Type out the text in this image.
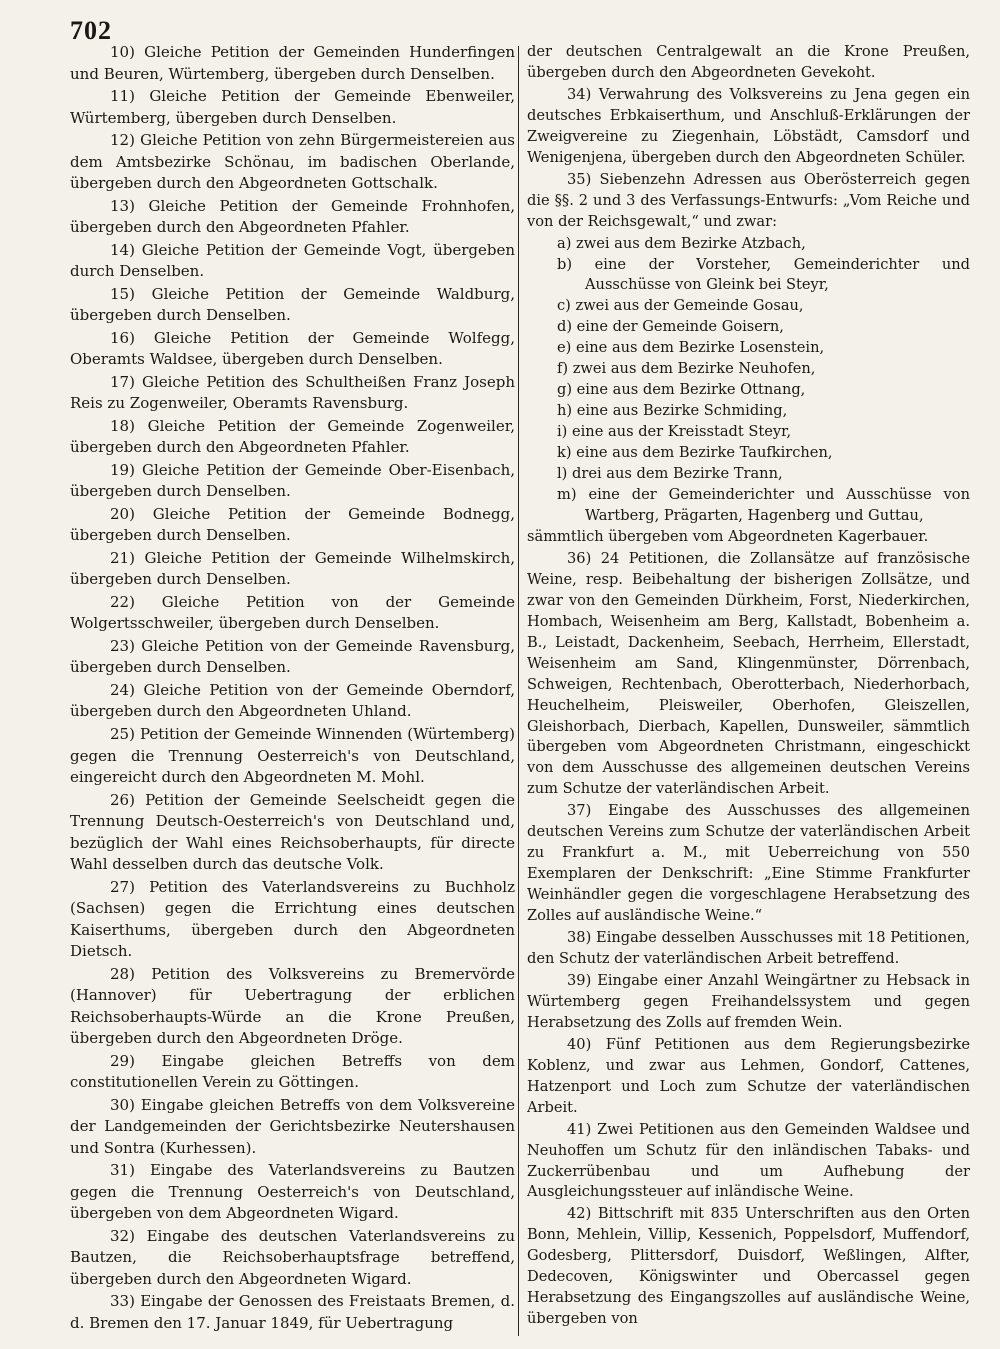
702

10) Gleiche Petition der Gemeinden Hunderfingen und Beuren, Würtemberg, übergeben durch Denselben.

11) Gleiche Petition der Gemeinde Ebenweiler, Würtemberg, übergeben durch Denselben.

12) Gleiche Petition von zehn Bürgermeistereien aus dem Amtsbezirke Schönau, im badischen Oberlande, übergeben durch den Abgeordneten Gottschalk.

13) Gleiche Petition der Gemeinde Frohnhofen, übergeben durch den Abgeordneten Pfahler.

14) Gleiche Petition der Gemeinde Vogt, übergeben durch Denselben.

15) Gleiche Petition der Gemeinde Waldburg, übergeben durch Denselben.

16) Gleiche Petition der Gemeinde Wolfegg, Oberamts Waldsee, übergeben durch Denselben.

17) Gleiche Petition des Schultheißen Franz Joseph Reis zu Zogenweiler, Oberamts Ravensburg.

18) Gleiche Petition der Gemeinde Zogenweiler, übergeben durch den Abgeordneten Pfahler.

19) Gleiche Petition der Gemeinde Ober-Eisenbach, übergeben durch Denselben.

20) Gleiche Petition der Gemeinde Bodnegg, übergeben durch Denselben.

21) Gleiche Petition der Gemeinde Wilhelmskirch, übergeben durch Denselben.

22) Gleiche Petition von der Gemeinde Wolgertsschweiler, übergeben durch Denselben.

23) Gleiche Petition von der Gemeinde Ravensburg, übergeben durch Denselben.

24) Gleiche Petition von der Gemeinde Oberndorf, übergeben durch den Abgeordneten Uhland.

25) Petition der Gemeinde Winnenden (Würtemberg) gegen die Trennung Oesterreich's von Deutschland, eingereicht durch den Abgeordneten M. Mohl.

26) Petition der Gemeinde Seelscheidt gegen die Trennung Deutsch-Oesterreich's von Deutschland und, bezüglich der Wahl eines Reichsoberhaupts, für directe Wahl desselben durch das deutsche Volk.

27) Petition des Vaterlandsvereins zu Buchholz (Sachsen) gegen die Errichtung eines deutschen Kaiserthums, übergeben durch den Abgeordneten Dietsch.

28) Petition des Volksvereins zu Bremervörde (Hannover) für Uebertragung der erblichen Reichsoberhaupts-Würde an die Krone Preußen, übergeben durch den Abgeordneten Dröge.

29) Eingabe gleichen Betreffs von dem constitutionellen Verein zu Göttingen.

30) Eingabe gleichen Betreffs von dem Volksvereine der Landgemeinden der Gerichtsbezirke Neutershausen und Sontra (Kurhessen).

31) Eingabe des Vaterlandsvereins zu Bautzen gegen die Trennung Oesterreich's von Deutschland, übergeben von dem Abgeordneten Wigard.

32) Eingabe des deutschen Vaterlandsvereins zu Bautzen, die Reichsoberhauptsfrage betreffend, übergeben durch den Abgeordneten Wigard.

33) Eingabe der Genossen des Freistaats Bremen, d. d. Bremen den 17. Januar 1849, für Uebertragung

der deutschen Centralgewalt an die Krone Preußen, übergeben durch den Abgeordneten Gevekoht.

34) Verwahrung des Volksvereins zu Jena gegen ein deutsches Erbkaiserthum, und Anschluß-Erklärungen der Zweigvereine zu Ziegenhain, Löbstädt, Camsdorf und Wenigenjena, übergeben durch den Abgeordneten Schüler.

35) Siebenzehn Adressen aus Oberösterreich gegen die §§. 2 und 3 des Verfassungs-Entwurfs: „Vom Reiche und von der Reichsgewalt,“ und zwar:

a) zwei aus dem Bezirke Atzbach,

b) eine der Vorsteher, Gemeinderichter und Ausschüsse von Gleink bei Steyr,

c) zwei aus der Gemeinde Gosau,

d) eine der Gemeinde Goisern,

e) eine aus dem Bezirke Losenstein,

f) zwei aus dem Bezirke Neuhofen,

g) eine aus dem Bezirke Ottnang,

h) eine aus Bezirke Schmiding,

i) eine aus der Kreisstadt Steyr,

k) eine aus dem Bezirke Taufkirchen,

l) drei aus dem Bezirke Trann,

m) eine der Gemeinderichter und Ausschüsse von Wartberg, Prägarten, Hagenberg und Guttau,

sämmtlich übergeben vom Abgeordneten Kagerbauer.

36) 24 Petitionen, die Zollansätze auf französische Weine, resp. Beibehaltung der bisherigen Zollsätze, und zwar von den Gemeinden Dürkheim, Forst, Niederkirchen, Hombach, Weisenheim am Berg, Kallstadt, Bobenheim a. B., Leistadt, Dackenheim, Seebach, Herrheim, Ellerstadt, Weisenheim am Sand, Klingenmünster, Dörrenbach, Schweigen, Rechtenbach, Oberotterbach, Niederhorbach, Heuchelheim, Pleisweiler, Oberhofen, Gleiszellen, Gleishorbach, Dierbach, Kapellen, Dunsweiler, sämmtlich übergeben vom Abgeordneten Christmann, eingeschickt von dem Ausschusse des allgemeinen deutschen Vereins zum Schutze der vaterländischen Arbeit.

37) Eingabe des Ausschusses des allgemeinen deutschen Vereins zum Schutze der vaterländischen Arbeit zu Frankfurt a. M., mit Ueberreichung von 550 Exemplaren der Denkschrift: „Eine Stimme Frankfurter Weinhändler gegen die vorgeschlagene Herabsetzung des Zolles auf ausländische Weine.“

38) Eingabe desselben Ausschusses mit 18 Petitionen, den Schutz der vaterländischen Arbeit betreffend.

39) Eingabe einer Anzahl Weingärtner zu Hebsack in Würtemberg gegen Freihandelssystem und gegen Herabsetzung des Zolls auf fremden Wein.

40) Fünf Petitionen aus dem Regierungsbezirke Koblenz, und zwar aus Lehmen, Gondorf, Cattenes, Hatzenport und Loch zum Schutze der vaterländischen Arbeit.

41) Zwei Petitionen aus den Gemeinden Waldsee und Neuhoffen um Schutz für den inländischen Tabaks- und Zuckerrübenbau und um Aufhebung der Ausgleichungssteuer auf inländische Weine.

42) Bittschrift mit 835 Unterschriften aus den Orten Bonn, Mehlein, Villip, Kessenich, Poppelsdorf, Muffendorf, Godesberg, Plittersdorf, Duisdorf, Weßlingen, Alfter, Dedecoven, Königswinter und Obercassel gegen Herabsetzung des Eingangszolles auf ausländische Weine, übergeben von
